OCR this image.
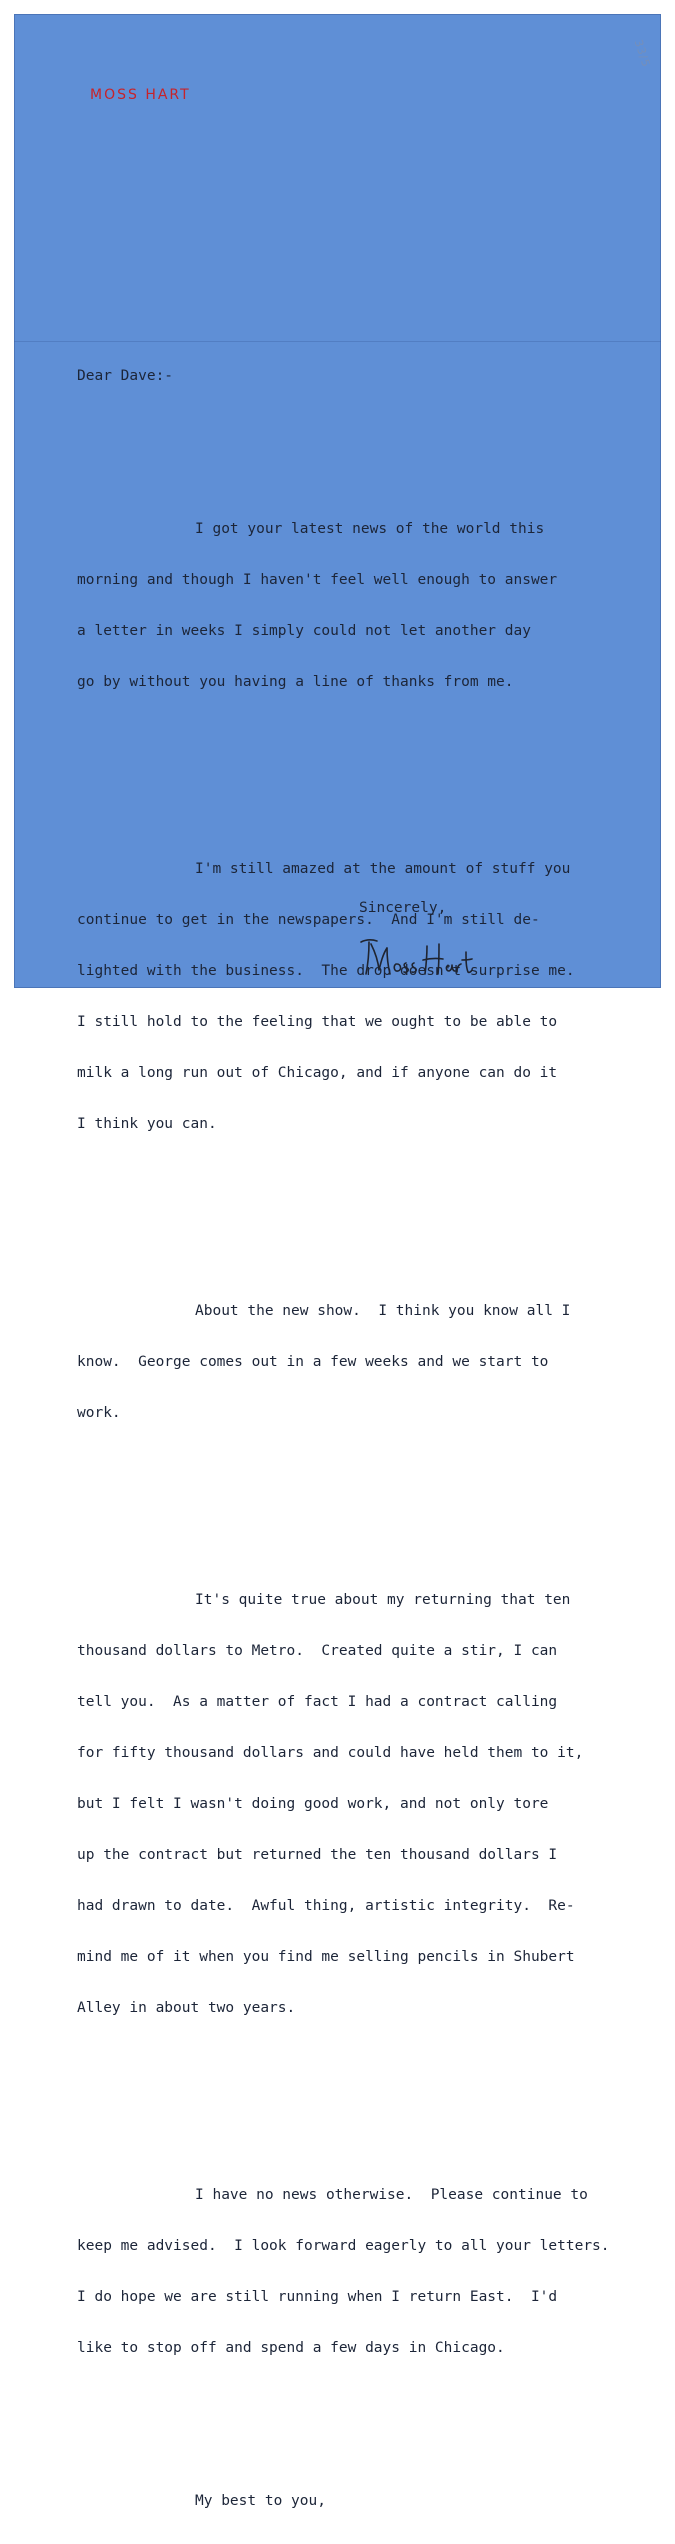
33/5
MOSS HART

Dear Dave:-

I got your latest news of the world this

morning and though I haven't feel well enough to answer

a letter in weeks I simply could not let another day

go by without you having a line of thanks from me.

I'm still amazed at the amount of stuff you

continue to get in the newspapers.  And I'm still de-

lighted with the business.  The drop doesn't surprise me.

I still hold to the feeling that we ought to be able to

milk a long run out of Chicago, and if anyone can do it

I think you can.

About the new show.  I think you know all I

know.  George comes out in a few weeks and we start to

work.

It's quite true about my returning that ten

thousand dollars to Metro.  Created quite a stir, I can

tell you.  As a matter of fact I had a contract calling

for fifty thousand dollars and could have held them to it,

but I felt I wasn't doing good work, and not only tore

up the contract but returned the ten thousand dollars I

had drawn to date.  Awful thing, artistic integrity.  Re-

mind me of it when you find me selling pencils in Shubert

Alley in about two years.

I have no news otherwise.  Please continue to

keep me advised.  I look forward eagerly to all your letters.

I do hope we are still running when I return East.  I'd

like to stop off and spend a few days in Chicago.

My best to you,

Sincerely,
